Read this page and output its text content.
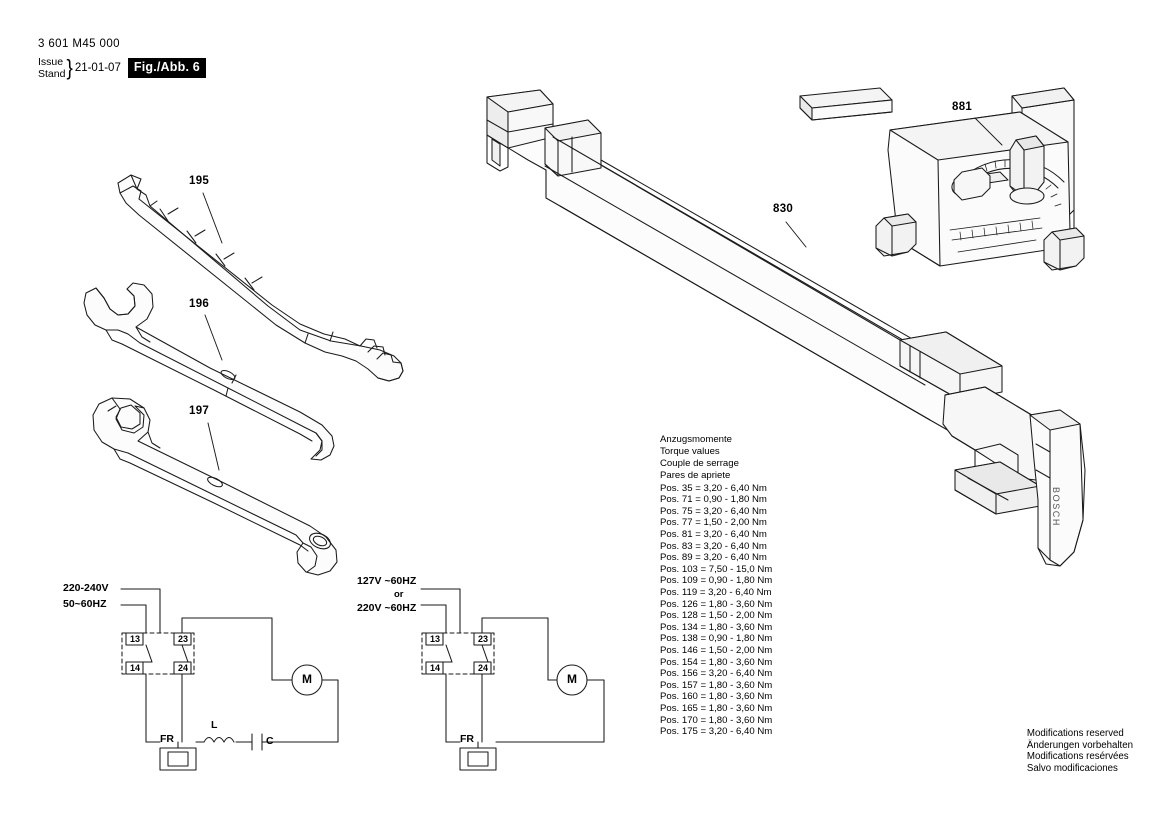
3 601 M45 000
Issue
Stand } 21-01-07	Fig./Abb. 6
BOSCH
195
196
197
830
881
220-240V
50~60HZ
13	23
14	24
M
L
C
FR
127V ~60HZ
or
220V ~60HZ
13	23
14	24
M
FR
Anzugsmomente
Torque values
Couple de serrage
Pares de apriete
Pos. 35 = 3,20 - 6,40 Nm
Pos. 71 = 0,90 - 1,80 Nm
Pos. 75 = 3,20 - 6,40 Nm
Pos. 77 = 1,50 - 2,00 Nm
Pos. 81 = 3,20 - 6,40 Nm
Pos. 83 = 3,20 - 6,40 Nm
Pos. 89 = 3,20 - 6,40 Nm
Pos. 103 = 7,50 - 15,0 Nm
Pos. 109 = 0,90 - 1,80 Nm
Pos. 119 = 3,20 - 6,40 Nm
Pos. 126 = 1,80 - 3,60 Nm
Pos. 128 = 1,50 - 2,00 Nm
Pos. 134 = 1,80 - 3,60 Nm
Pos. 138 = 0,90 - 1,80 Nm
Pos. 146 = 1,50 - 2,00 Nm
Pos. 154 = 1,80 - 3,60 Nm
Pos. 156 = 3,20 - 6,40 Nm
Pos. 157 = 1,80 - 3,60 Nm
Pos. 160 = 1,80 - 3,60 Nm
Pos. 165 = 1,80 - 3,60 Nm
Pos. 170 = 1,80 - 3,60 Nm
Pos. 175 = 3,20 - 6,40 Nm	Modifications reserved
Änderungen vorbehalten
Modifications resérvées
Salvo modificaciones
